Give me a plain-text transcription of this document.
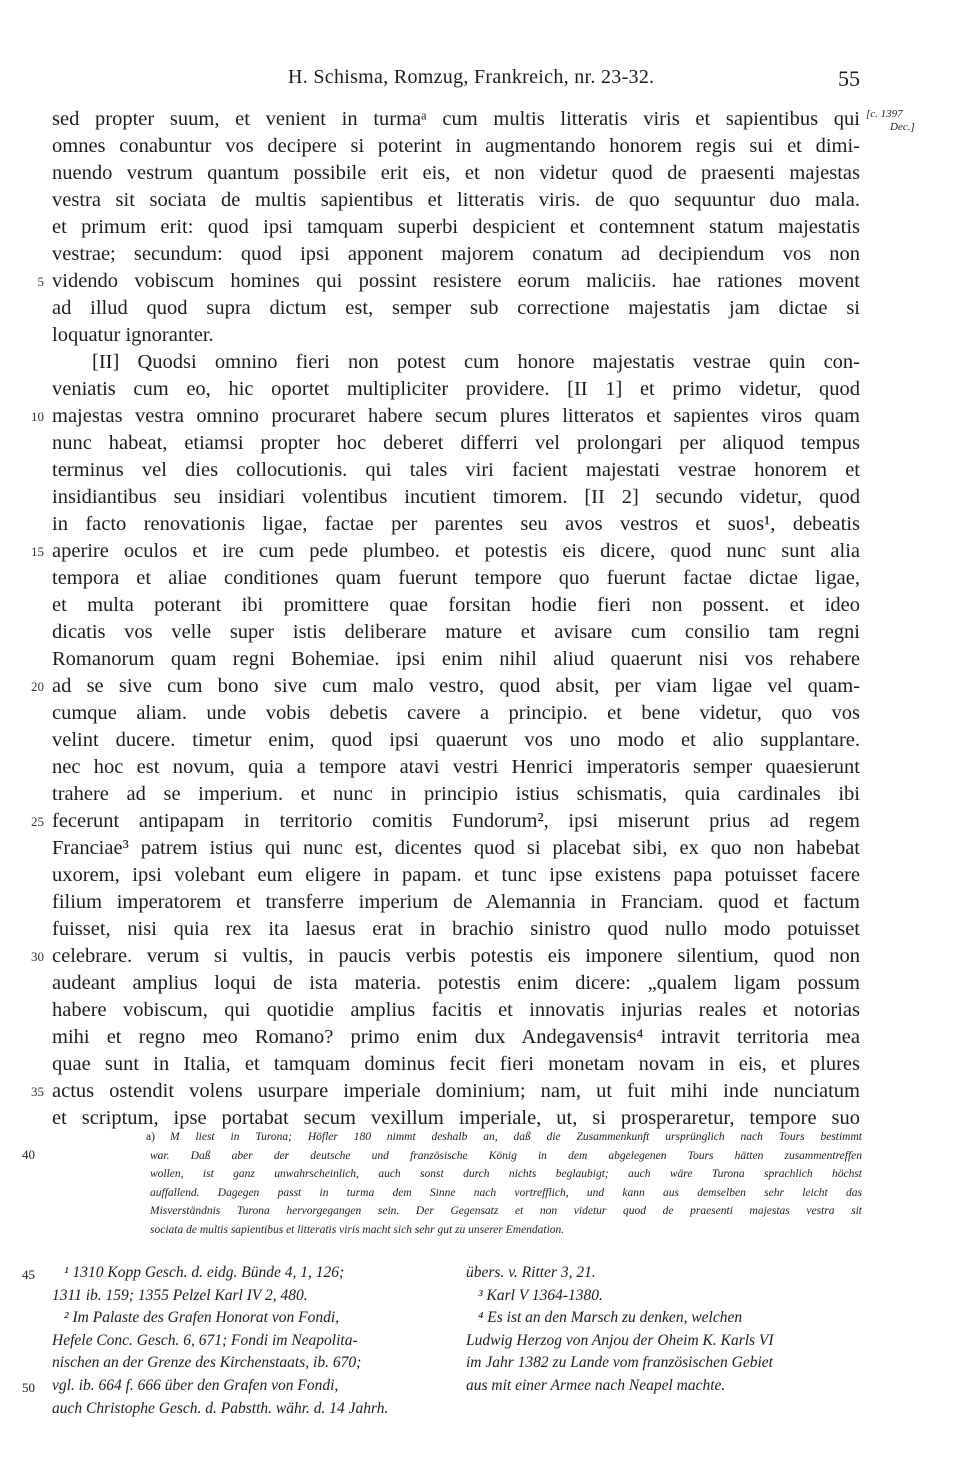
H. Schisma, Romzug, Frankreich, nr. 23-32.	55
[c. 1397
Dec.]
5
10
15
20
25
30
35
sed propter suum, et venient in turmaᵃ cum multis litteratis viris et sapientibus qui
omnes conabuntur vos decipere si poterint in augmentando honorem regis sui et dimi-
nuendo vestrum quantum possibile erit eis, et non videtur quod de praesenti majestas
vestra sit sociata de multis sapientibus et litteratis viris. de quo sequuntur duo mala.
et primum erit: quod ipsi tamquam superbi despicient et contemnent statum majestatis
vestrae; secundum: quod ipsi apponent majorem conatum ad decipiendum vos non
videndo vobiscum homines qui possint resistere eorum maliciis. hae rationes movent
ad illud quod supra dictum est, semper sub correctione majestatis jam dictae si
loquatur ignoranter.
[II] Quodsi omnino fieri non potest cum honore majestatis vestrae quin con-
veniatis cum eo, hic oportet multipliciter providere. [II 1] et primo videtur, quod
majestas vestra omnino procuraret habere secum plures litteratos et sapientes viros quam
nunc habeat, etiamsi propter hoc deberet differri vel prolongari per aliquod tempus
terminus vel dies collocutionis. qui tales viri facient majestati vestrae honorem et
insidiantibus seu insidiari volentibus incutient timorem. [II 2] secundo videtur, quod
in facto renovationis ligae, factae per parentes seu avos vestros et suos¹, debeatis
aperire oculos et ire cum pede plumbeo. et potestis eis dicere, quod nunc sunt alia
tempora et aliae conditiones quam fuerunt tempore quo fuerunt factae dictae ligae,
et multa poterant ibi promittere quae forsitan hodie fieri non possent. et ideo
dicatis vos velle super istis deliberare mature et avisare cum consilio tam regni
Romanorum quam regni Bohemiae. ipsi enim nihil aliud quaerunt nisi vos rehabere
ad se sive cum bono sive cum malo vestro, quod absit, per viam ligae vel quam-
cumque aliam. unde vobis debetis cavere a principio. et bene videtur, quo vos
velint ducere. timetur enim, quod ipsi quaerunt vos uno modo et alio supplantare.
nec hoc est novum, quia a tempore atavi vestri Henrici imperatoris semper quaesierunt
trahere ad se imperium. et nunc in principio istius schismatis, quia cardinales ibi
fecerunt antipapam in territorio comitis Fundorum², ipsi miserunt prius ad regem
Franciae³ patrem istius qui nunc est, dicentes quod si placebat sibi, ex quo non habebat
uxorem, ipsi volebant eum eligere in papam. et tunc ipse existens papa potuisset facere
filium imperatorem et transferre imperium de Alemannia in Franciam. quod et factum
fuisset, nisi quia rex ita laesus erat in brachio sinistro quod nullo modo potuisset
celebrare. verum si vultis, in paucis verbis potestis eis imponere silentium, quod non
audeant amplius loqui de ista materia. potestis enim dicere: „qualem ligam possum
habere vobiscum, qui quotidie amplius facitis et innovatis injurias reales et notorias
mihi et regno meo Romano? primo enim dux Andegavensis⁴ intravit territoria mea
quae sunt in Italia, et tamquam dominus fecit fieri monetam novam in eis, et plures
actus ostendit volens usurpare imperiale dominium; nam, ut fuit mihi inde nunciatum
et scriptum, ipse portabat secum vexillum imperiale, ut, si prosperaretur, tempore suo
40
a)	M liest in Turona; Höfler 180 nimmt deshalb an, daß die Zusammenkunft ursprünglich nach Tours bestimmt
war. Daß aber der deutsche und französische König in dem abgelegenen Tours hätten zusammentreffen
wollen, ist ganz unwahrscheinlich, auch sonst durch nichts beglaubigt; auch wäre Turona sprachlich höchst
auffallend. Dagegen passt in turma dem Sinne nach vortrefflich, und kann aus demselben sehr leicht das
Misverständnis Turona hervorgegangen sein. Der Gegensatz et non videtur quod de praesenti majestas vestra sit
sociata de multis sapientibus et litteratis viris macht sich sehr gut zu unserer Emendation.
45
50
¹ 1310 Kopp Gesch. d. eidg. Bünde 4, 1, 126;
1311 ib. 159; 1355 Pelzel Karl IV 2, 480.
² Im Palaste des Grafen Honorat von Fondi,
Hefele Conc. Gesch. 6, 671; Fondi im Neapolita-
nischen an der Grenze des Kirchenstaats, ib. 670;
vgl. ib. 664 f. 666 über den Grafen von Fondi,
auch Christophe Gesch. d. Pabstth. währ. d. 14 Jahrh.
übers. v. Ritter 3, 21.
³ Karl V 1364-1380.
⁴ Es ist an den Marsch zu denken, welchen
Ludwig Herzog von Anjou der Oheim K. Karls VI
im Jahr 1382 zu Lande vom französischen Gebiet
aus mit einer Armee nach Neapel machte.
